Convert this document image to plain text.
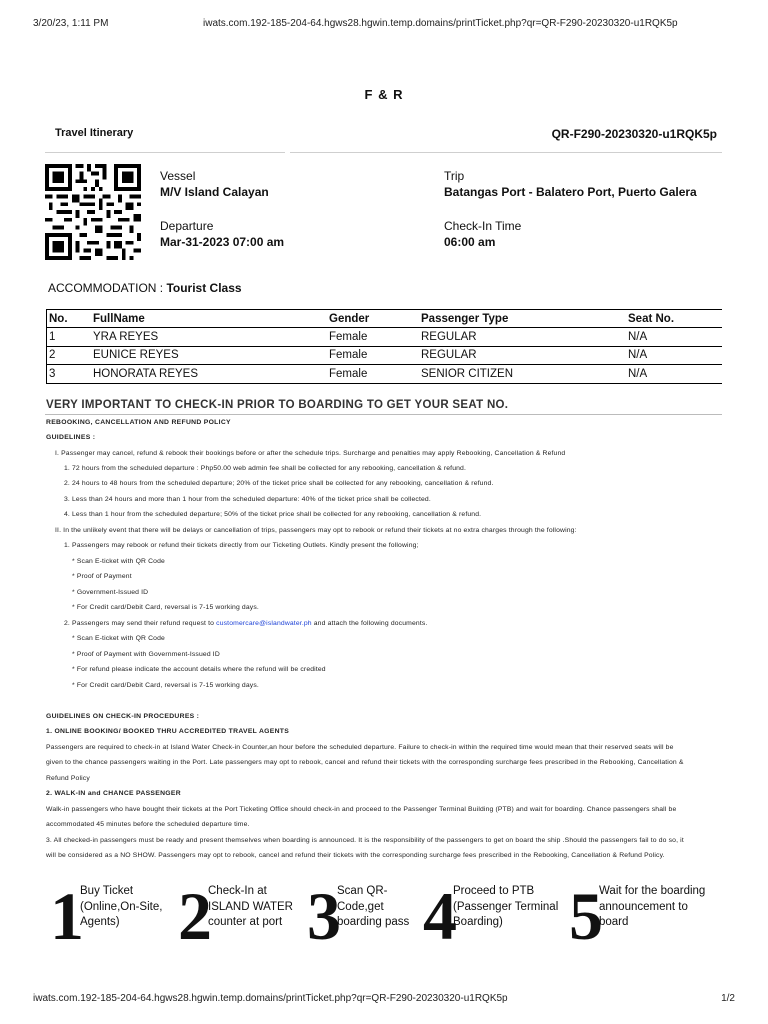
3/20/23, 1:11 PM	iwats.com.192-185-204-64.hgws28.hgwin.temp.domains/printTicket.php?qr=QR-F290-20230320-u1RQK5p
F & R
Travel Itinerary	QR-F290-20230320-u1RQK5p
Vessel
M/V Island Calayan
Trip
Batangas Port - Balatero Port, Puerto Galera
Departure
Mar-31-2023 07:00 am
Check-In Time
06:00 am
ACCOMMODATION : Tourist Class
No.	FullName	Gender	Passenger Type	Seat No.
1	YRA REYES	Female	REGULAR	N/A
2	EUNICE REYES	Female	REGULAR	N/A
3	HONORATA REYES	Female	SENIOR CITIZEN	N/A
VERY IMPORTANT TO CHECK-IN PRIOR TO BOARDING TO GET YOUR SEAT NO.
REBOOKING, CANCELLATION AND REFUND POLICY
GUIDELINES :
I. Passenger may cancel, refund & rebook their bookings before or after the schedule trips. Surcharge and penalties may apply Rebooking, Cancellation & Refund
1. 72 hours from the scheduled departure : Php50.00 web admin fee shall be collected for any rebooking, cancellation & refund.
2. 24 hours to 48 hours from the scheduled departure; 20% of the ticket price shall be collected for any rebooking, cancellation & refund.
3. Less than 24 hours and more than 1 hour from the scheduled departure: 40% of the ticket price shall be collected.
4. Less than 1 hour from the scheduled departure; 50% of the ticket price shall be collected for any rebooking, cancellation & refund.
II. In the unlikely event that there will be delays or cancellation of trips, passengers may opt to rebook or refund their tickets at no extra charges through the following:
1. Passengers may rebook or refund their tickets directly from our Ticketing Outlets. Kindly present the following;
* Scan E-ticket with QR Code
* Proof of Payment
* Government-Issued ID
* For Credit card/Debit Card, reversal is 7-15 working days.
2. Passengers may send their refund request to customercare@islandwater.ph and attach the following documents.
* Scan E-ticket with QR Code
* Proof of Payment with Government-Issued ID
* For refund please indicate the account details where the refund will be credited
* For Credit card/Debit Card, reversal is 7-15 working days.
GUIDELINES ON CHECK-IN PROCEDURES :
1. ONLINE BOOKING/ BOOKED THRU ACCREDITED TRAVEL AGENTS
Passengers are required to check-in at Island Water Check-in Counter,an hour before the scheduled departure. Failure to check-in within the required time would mean that their reserved seats will be
given to the chance passengers waiting in the Port. Late passengers may opt to rebook, cancel and refund their tickets with the corresponding surcharge fees prescribed in the Rebooking, Cancellation &
Refund Policy
2. WALK-IN and CHANCE PASSENGER
Walk-in passengers who have bought their tickets at the Port Ticketing Office should check-in and proceed to the Passenger Terminal Building (PTB) and wait for boarding. Chance passengers shall be
accommodated 45 minutes before the scheduled departure time.
3. All checked-in passengers must be ready and present themselves when boarding is announced. It is the responsibility of the passengers to get on board the ship .Should the passengers fail to do so, it
will be considered as a NO SHOW. Passengers may opt to rebook, cancel and refund their tickets with the corresponding surcharge fees prescribed in the Rebooking, Cancellation & Refund Policy.
1
Buy Ticket (Online,On-Site, Agents) 2
Check-In at ISLAND WATER counter at port 3
Scan QR-Code,get boarding pass 4
Proceed to PTB (Passenger Terminal Boarding) 5
Wait for the boarding announcement to board
iwats.com.192-185-204-64.hgws28.hgwin.temp.domains/printTicket.php?qr=QR-F290-20230320-u1RQK5p	1/2
